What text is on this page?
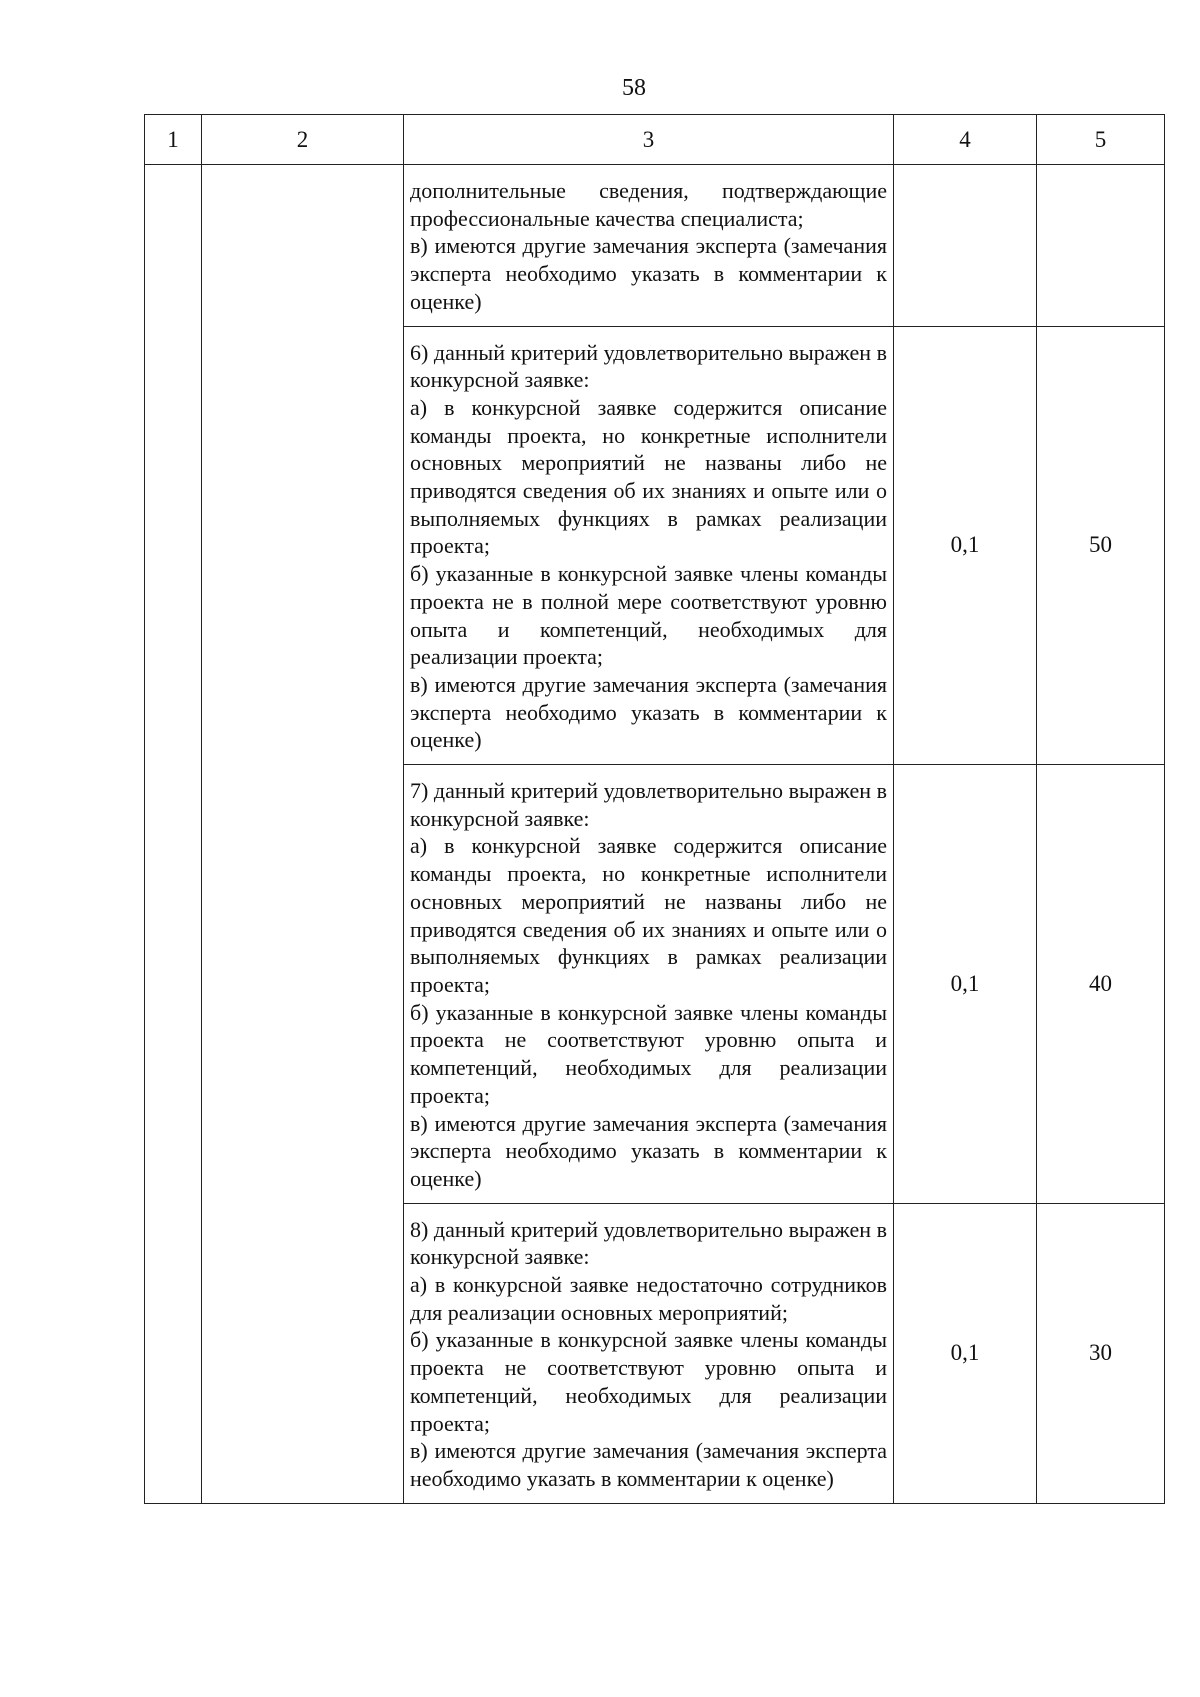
58
1	2	3	4	5

		дополнительные сведения, подтверждающие профессиональные качества специалиста;

в) имеются другие замечания эксперта (замечания эксперта необходимо указать в комментарии к оценке)		

		6) данный критерий удовлетворительно выражен в конкурсной заявке:

а) в конкурсной заявке содержится описание команды проекта, но конкретные исполнители основных мероприятий не названы либо не приводятся сведения об их знаниях и опыте или о выполняемых функциях в рамках реализации проекта;

б) указанные в конкурсной заявке члены команды проекта не в полной мере соответствуют уровню опыта и компетенций, необходимых для реализации проекта;

в) имеются другие замечания эксперта (замечания эксперта необходимо указать в комментарии к оценке)	0,1	50

		7) данный критерий удовлетворительно выражен в конкурсной заявке:

а) в конкурсной заявке содержится описание команды проекта, но конкретные исполнители основных мероприятий не названы либо не приводятся сведения об их знаниях и опыте или о выполняемых функциях в рамках реализации проекта;

б) указанные в конкурсной заявке члены команды проекта не соответствуют уровню опыта и компетенций, необходимых для реализации проекта;

в) имеются другие замечания эксперта (замечания эксперта необходимо указать в комментарии к оценке)	0,1	40

		8) данный критерий удовлетворительно выражен в конкурсной заявке:

а) в конкурсной заявке недостаточно сотрудников для реализации основных мероприятий;

б) указанные в конкурсной заявке члены команды проекта не соответствуют уровню опыта и компетенций, необходимых для реализации проекта;

в) имеются другие замечания (замечания эксперта необходимо указать в комментарии к оценке)	0,1	30
